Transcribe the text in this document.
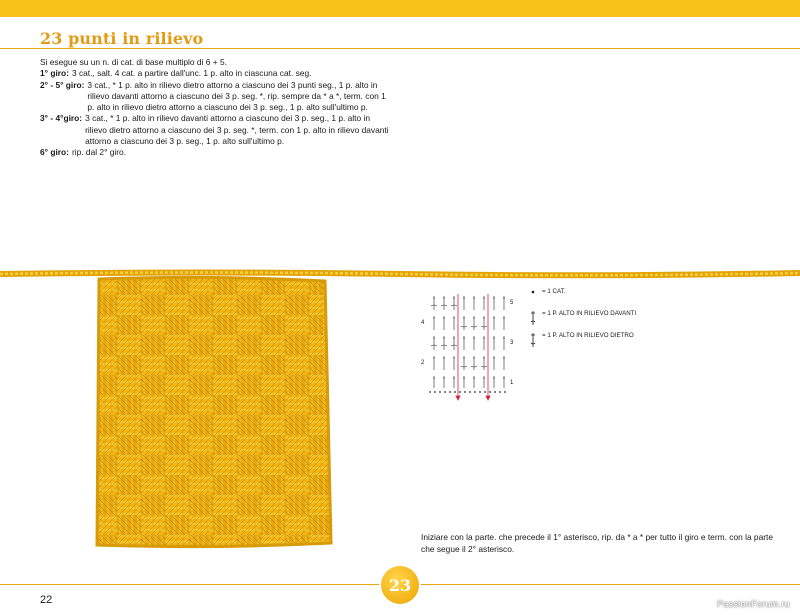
23 punti in rilievo
Si esegue su un n. di cat. di base multiplo di 6 + 5.
1° giro: 3 cat., salt. 4 cat. a partire dall'unc. 1 p. alto in ciascuna cat. seg.
2° - 5° giro: 3 cat., * 1 p. alto in rilievo dietro attorno a ciascuno dei 3 punti seg., 1 p. alto in rilievo davanti attorno a ciascuno dei 3 p. seg. *, rip. sempre da * a *, term. con 1 p. alto in rilievo dietro attorno a ciascuno dei 3 p. seg., 1 p. alto sull'ultimo p.
3° - 4°giro: 3 cat., * 1 p. alto in rilievo davanti attorno a ciascuno dei 3 p. seg., 1 p. alto in rilievo dietro attorno a ciascuno dei 3 p. seg. *, term. con 1 p. alto in rilievo davanti attorno a ciascuno dei 3 p. seg., 1 p. alto sull'ultimo p.
6° giro: rip. dal 2° giro.
4
2
5
3
1
= 1 CAT.
= 1 P. ALTO IN RILIEVO DAVANTI
= 1 P. ALTO IN RILIEVO DIETRO

Iniziare con la parte. che precede il 1° asterisco, rip. da * a * per tutto il giro e term. con la parte che segue il 2° asterisco.

22
23
PassionForum.ru
